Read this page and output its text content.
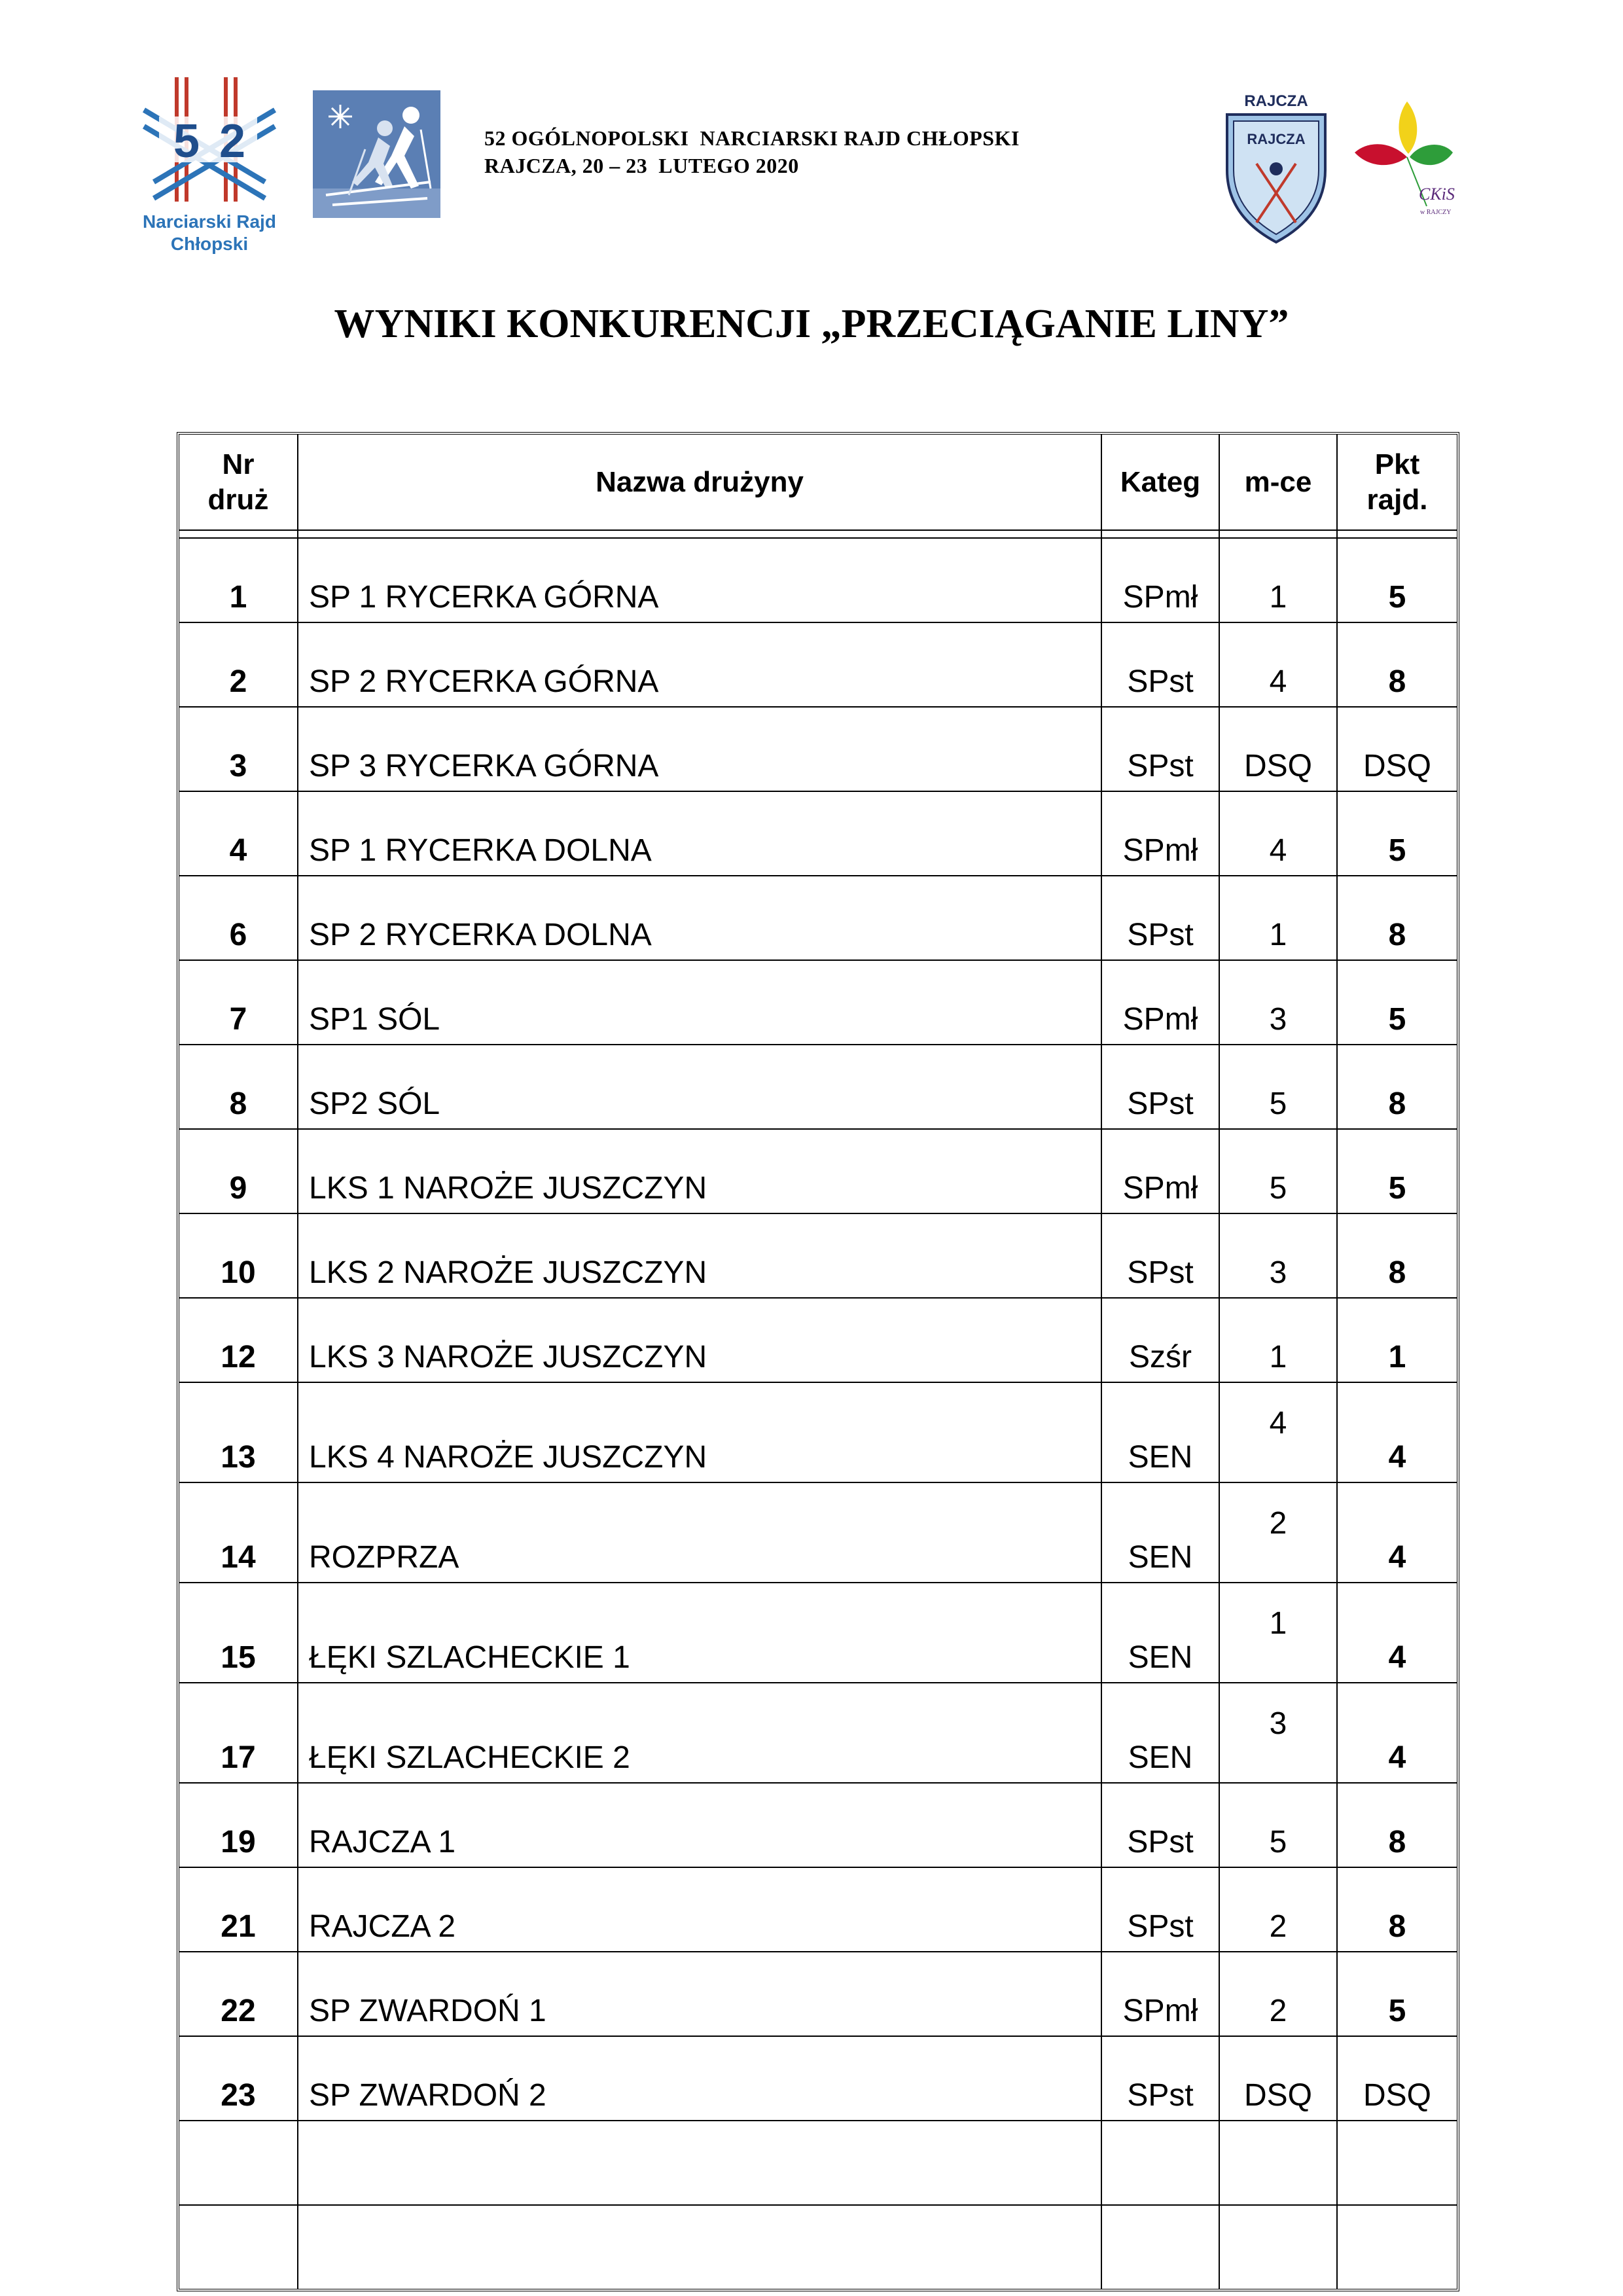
5 2
Narciarski Rajd
Chłopski
52 OGÓLNOPOLSKI  NARCIARSKI RAJD CHŁOPSKI
RAJCZA, 20 – 23  LUTEGO 2020
RAJCZA
RAJCZA
CKiS
w RAJCZY
WYNIKI KONKURENCJI „PRZECIĄGANIE LINY”
Nr
druż	Nazwa drużyny	Kateg	m-ce	Pkt
rajd.

1	SP 1 RYCERKA GÓRNA	SPmł	1	5
2	SP 2 RYCERKA GÓRNA	SPst	4	8
3	SP 3 RYCERKA GÓRNA	SPst	DSQ	DSQ
4	SP 1 RYCERKA DOLNA	SPmł	4	5
6	SP 2 RYCERKA DOLNA	SPst	1	8
7	SP1 SÓL	SPmł	3	5
8	SP2 SÓL	SPst	5	8
9	LKS 1 NAROŻE JUSZCZYN	SPmł	5	5
10	LKS 2 NAROŻE JUSZCZYN	SPst	3	8
12	LKS 3 NAROŻE JUSZCZYN	Szśr	1	1
13	LKS 4 NAROŻE JUSZCZYN	SEN	4	4
14	ROZPRZA	SEN	2	4
15	ŁĘKI SZLACHECKIE 1	SEN	1	4
17	ŁĘKI SZLACHECKIE 2	SEN	3	4
19	RAJCZA 1	SPst	5	8
21	RAJCZA 2	SPst	2	8
22	SP ZWARDOŃ 1	SPmł	2	5
23	SP ZWARDOŃ 2	SPst	DSQ	DSQ
